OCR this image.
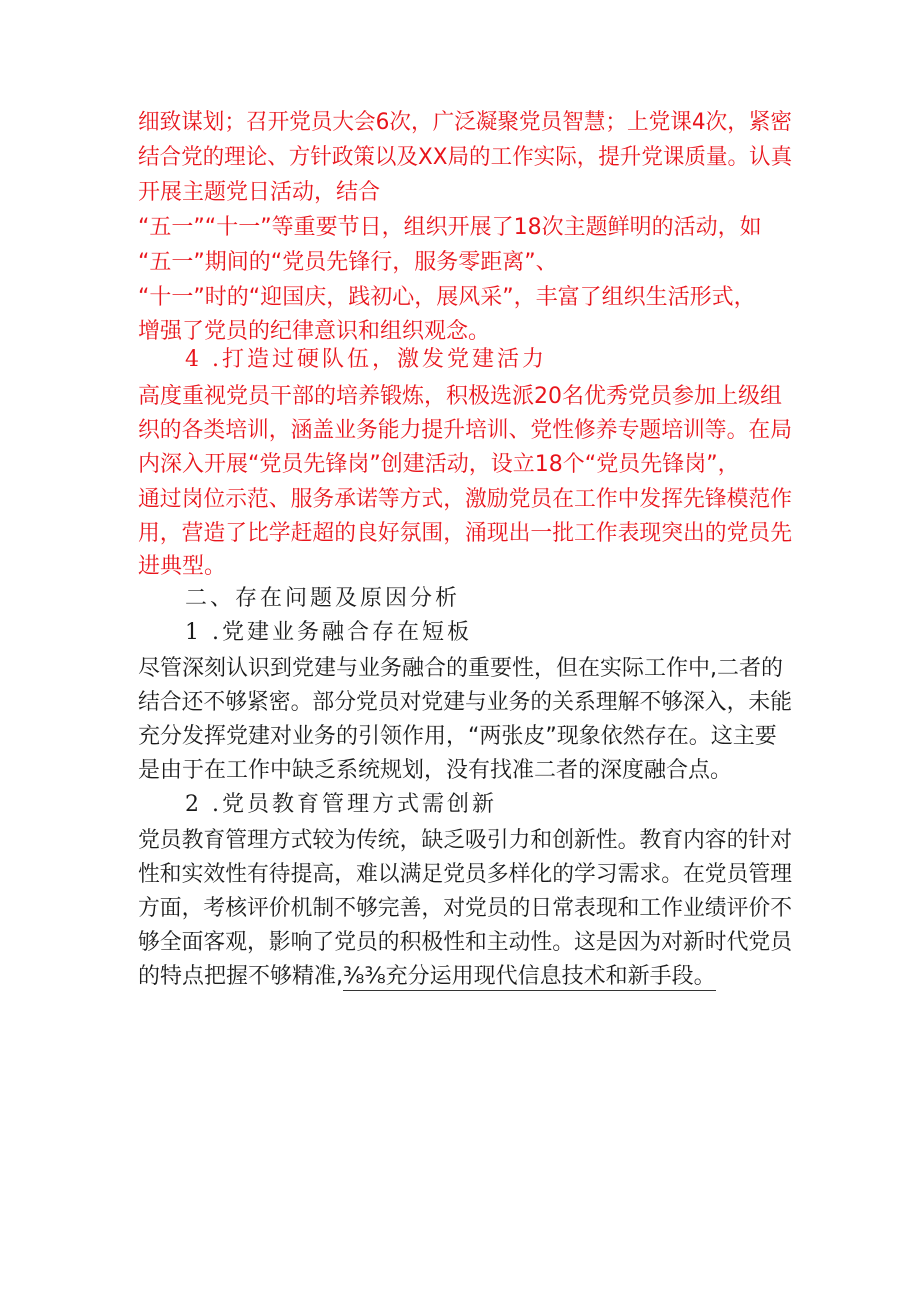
细致谋划；召开党员大会6次，广泛凝聚党员智慧；上党课4次，紧密
结合党的理论、方针政策以及XX局的工作实际，提升党课质量。认真
开展主题党日活动，结合
“五一”“十一”等重要节日，组织开展了18次主题鲜明的活动，如
“五一”期间的“党员先锋行，服务零距离”、
“十一”时的“迎国庆，践初心，展风采”，丰富了组织生活形式，
增强了党员的纪律意识和组织观念。
4 .打造过硬队伍，激发党建活力
高度重视党员干部的培养锻炼，积极选派20名优秀党员参加上级组
织的各类培训，涵盖业务能力提升培训、党性修养专题培训等。在局
内深入开展“党员先锋岗”创建活动，设立18个“党员先锋岗”，
通过岗位示范、服务承诺等方式，激励党员在工作中发挥先锋模范作
用，营造了比学赶超的良好氛围，涌现出一批工作表现突出的党员先
进典型。
二、存在问题及原因分析
1 .党建业务融合存在短板
尽管深刻认识到党建与业务融合的重要性，但在实际工作中,二者的
结合还不够紧密。部分党员对党建与业务的关系理解不够深入，未能
充分发挥党建对业务的引领作用，“两张皮”现象依然存在。这主要
是由于在工作中缺乏系统规划，没有找准二者的深度融合点。
2 .党员教育管理方式需创新
党员教育管理方式较为传统，缺乏吸引力和创新性。教育内容的针对
性和实效性有待提高，难以满足党员多样化的学习需求。在党员管理
方面，考核评价机制不够完善，对党员的日常表现和工作业绩评价不
够全面客观，影响了党员的积极性和主动性。这是因为对新时代党员
的特点把握不够精准,⅜⅜充分运用现代信息技术和新手段。
